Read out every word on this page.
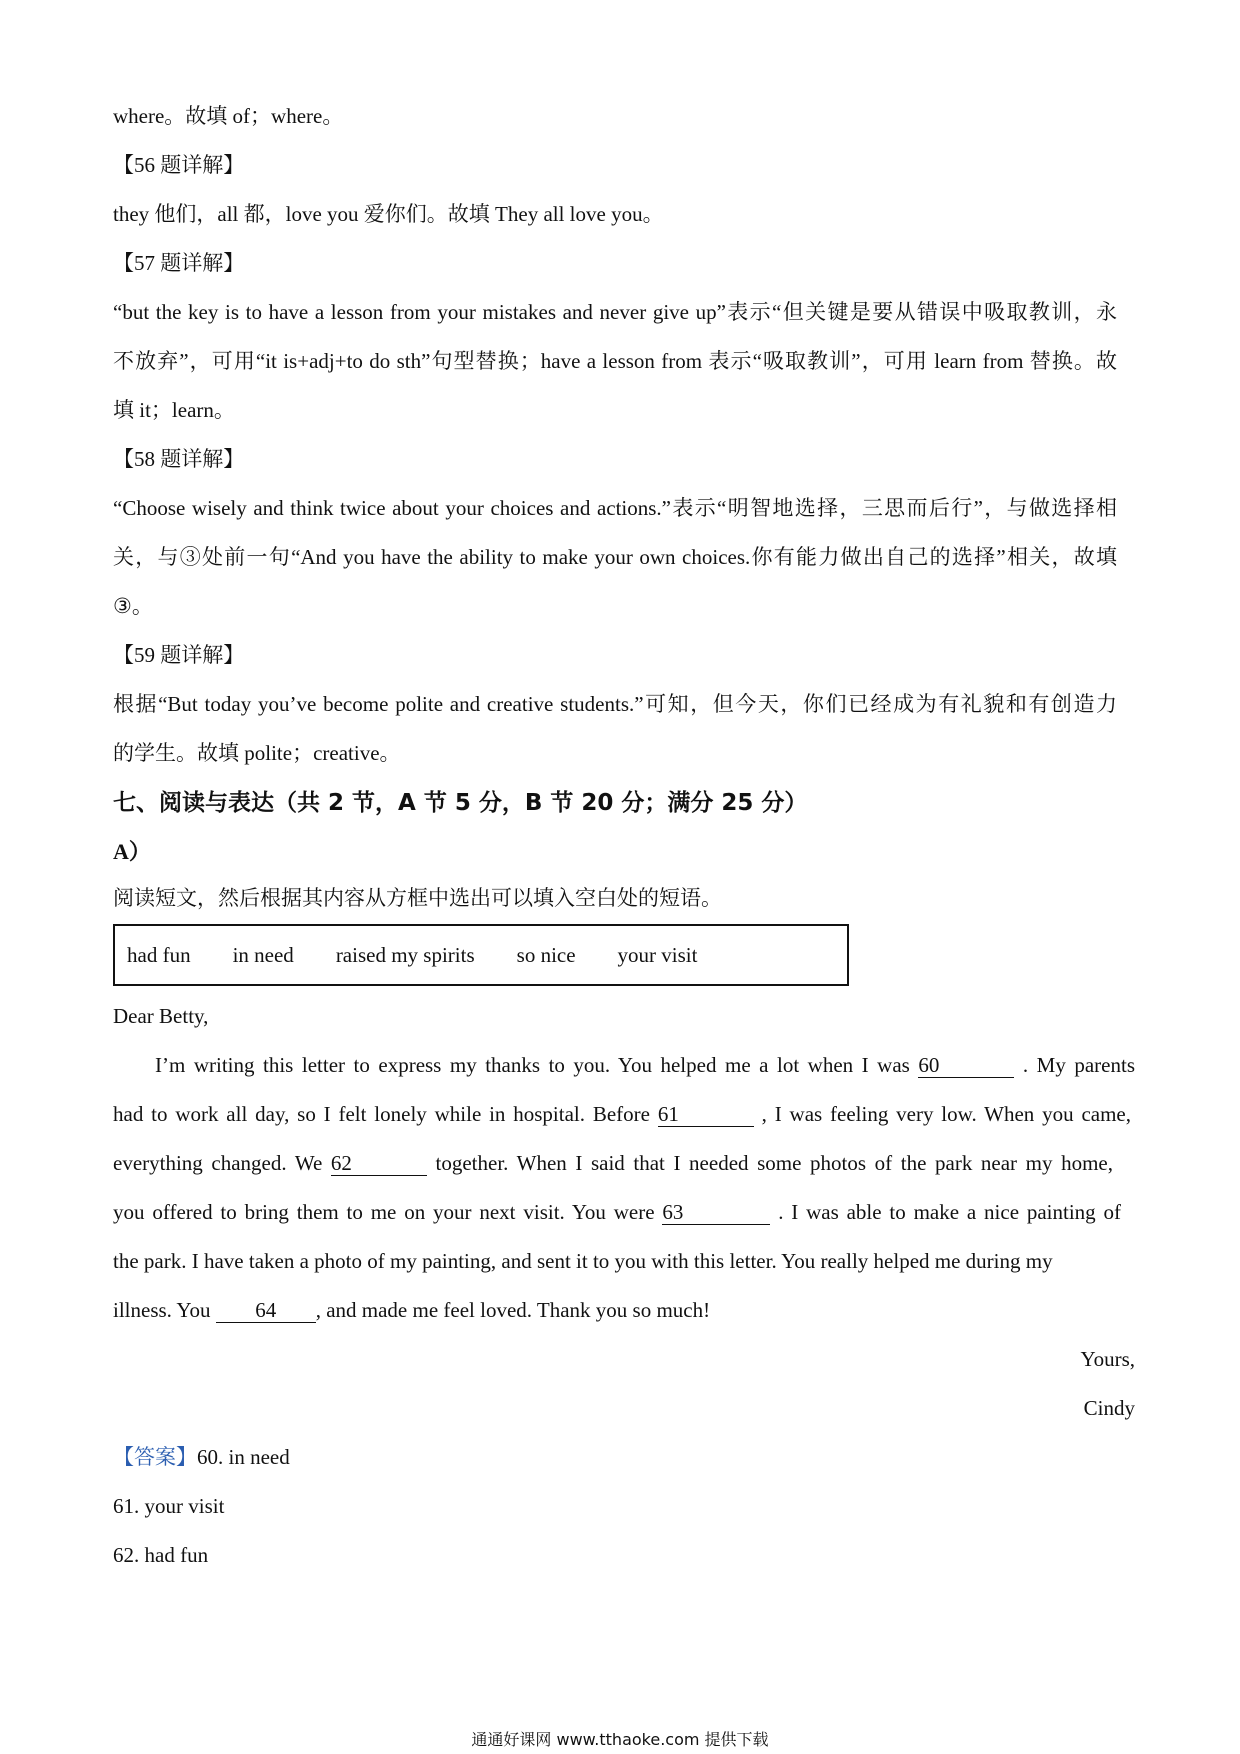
where。故填 of；where。
【56 题详解】
they 他们，all 都，love you 爱你们。故填 They all love you。
【57 题详解】
“but the key is to have a lesson from your mistakes and never give up”表示“但关键是要从错误中吸取教训，永
不放弃”，可用“it is+adj+to do sth”句型替换；have a lesson from 表示“吸取教训”，可用 learn from 替换。故
填 it；learn。
【58 题详解】
“Choose wisely and think twice about your choices and actions.”表示“明智地选择，三思而后行”，与做选择相
关，与③处前一句“And you have the ability to make your own choices.你有能力做出自己的选择”相关，故填
③。
【59 题详解】
根据“But today you’ve become polite and creative students.”可知，但今天，你们已经成为有礼貌和有创造力
的学生。故填 polite；creative。
七、阅读与表达（共 2 节，A 节 5 分，B 节 20 分；满分 25 分）
A）
阅读短文，然后根据其内容从方框中选出可以填入空白处的短语。
had fun in need raised my spirits so nice your visit
Dear Betty,
I’m writing this letter to express my thanks to you. You helped me a lot when I was 60	. My parents
had to work all day, so I felt lonely while in hospital. Before 61	, I was feeling very low. When you came,
everything changed. We 62	together. When I said that I needed some photos of the park near my home,
you offered to bring them to me on your next visit. You were 63	. I was able to make a nice painting of
the park. I have taken a photo of my painting, and sent it to you with this letter. You really helped me during my
illness. You 64 , and made me feel loved. Thank you so much!
Yours,
Cindy
【答案】60. in need
61. your visit
62. had fun
通通好课网 www.tthaoke.com 提供下载
